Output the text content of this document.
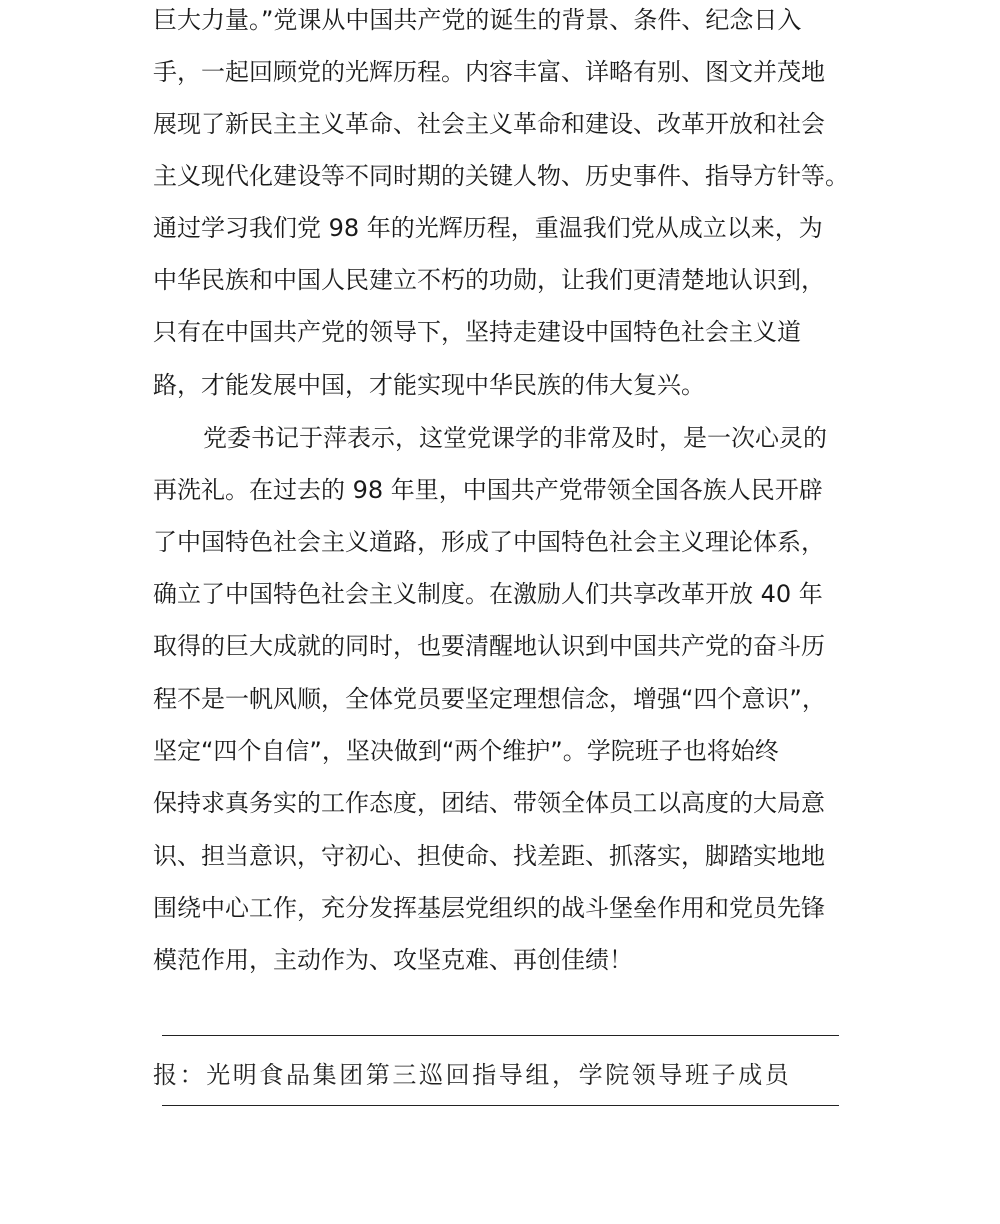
巨大力量。”党课从中国共产党的诞生的背景、条件、纪念日入
手，一起回顾党的光辉历程。内容丰富、详略有别、图文并茂地
展现了新民主主义革命、社会主义革命和建设、改革开放和社会
主义现代化建设等不同时期的关键人物、历史事件、指导方针等。
通过学习我们党 98 年的光辉历程，重温我们党从成立以来，为
中华民族和中国人民建立不朽的功勋，让我们更清楚地认识到，
只有在中国共产党的领导下，坚持走建设中国特色社会主义道
路，才能发展中国，才能实现中华民族的伟大复兴。
党委书记于萍表示，这堂党课学的非常及时，是一次心灵的
再洗礼。在过去的 98 年里，中国共产党带领全国各族人民开辟
了中国特色社会主义道路，形成了中国特色社会主义理论体系，
确立了中国特色社会主义制度。在激励人们共享改革开放 40 年
取得的巨大成就的同时，也要清醒地认识到中国共产党的奋斗历
程不是一帆风顺，全体党员要坚定理想信念，增强“四个意识”，
坚定“四个自信”，坚决做到“两个维护”。学院班子也将始终
保持求真务实的工作态度，团结、带领全体员工以高度的大局意
识、担当意识，守初心、担使命、找差距、抓落实，脚踏实地地
围绕中心工作，充分发挥基层党组织的战斗堡垒作用和党员先锋
模范作用，主动作为、攻坚克难、再创佳绩！
报：光明食品集团第三巡回指导组，学院领导班子成员
